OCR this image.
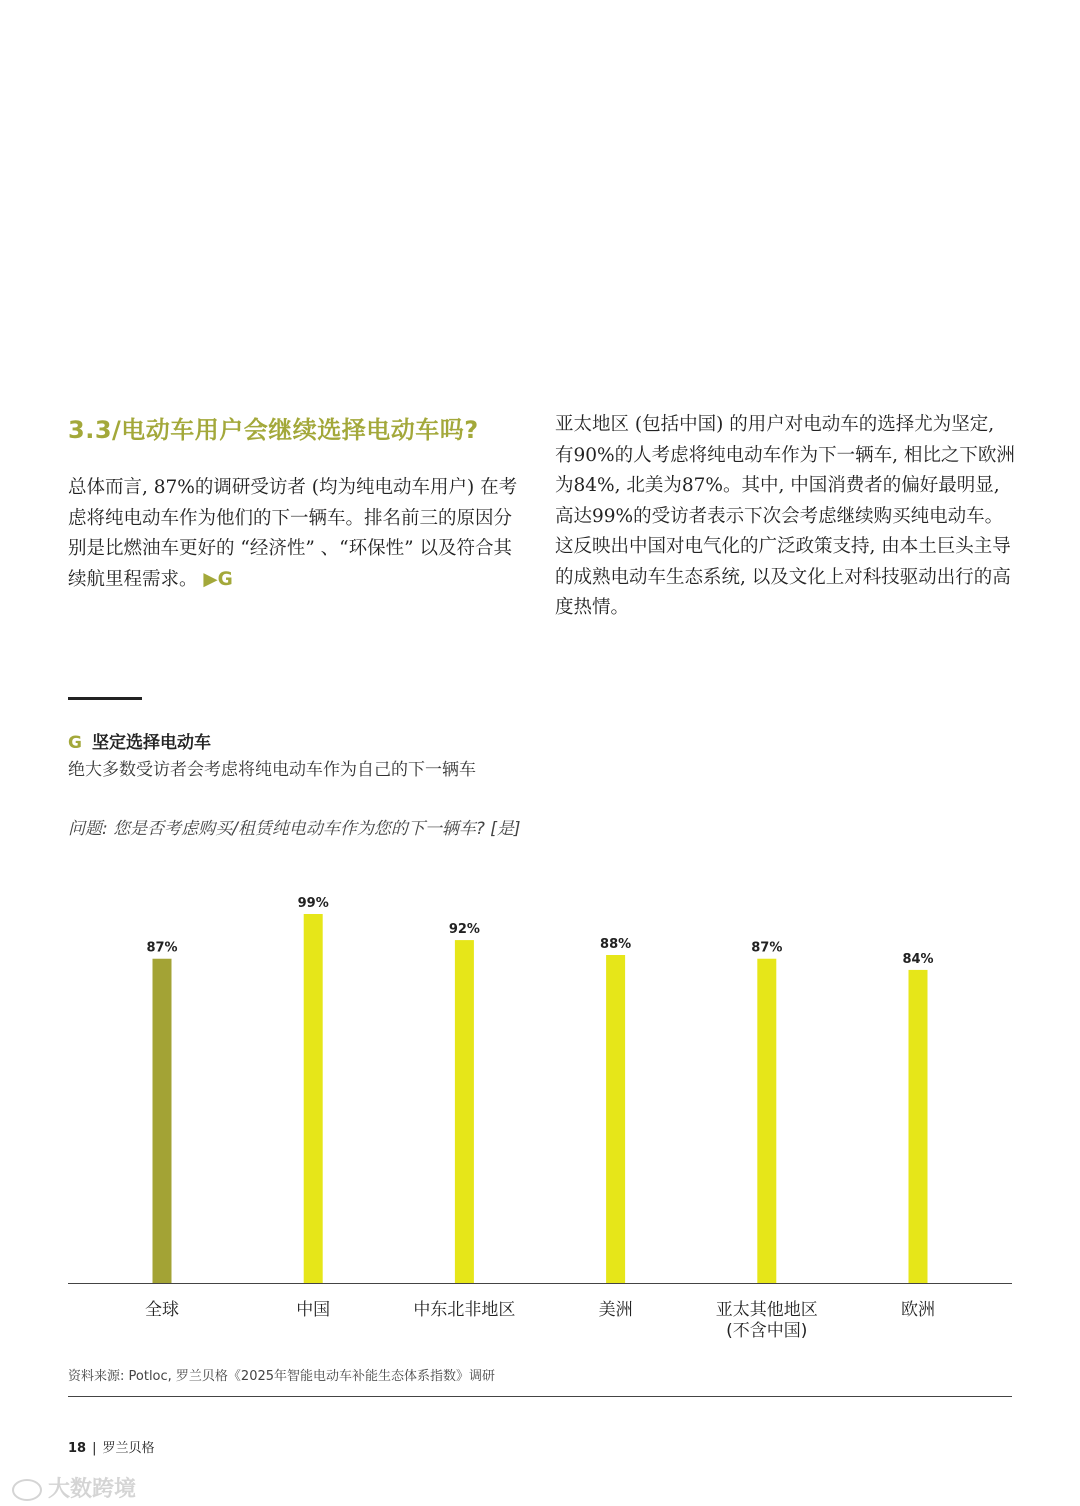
3.3/电动车用户会继续选择电动车吗?
总体而言, 87%的调研受访者 (均为纯电动车用户) 在考虑将纯电动车作为他们的下一辆车。排名前三的原因分别是比燃油车更好的 “经济性” 、“环保性” 以及符合其续航里程需求。 ▶G
亚太地区 (包括中国) 的用户对电动车的选择尤为坚定, 有90%的人考虑将纯电动车作为下一辆车, 相比之下欧洲为84%, 北美为87%。其中, 中国消费者的偏好最明显, 高达99%的受访者表示下次会考虑继续购买纯电动车。这反映出中国对电气化的广泛政策支持, 由本土巨头主导的成熟电动车生态系统, 以及文化上对科技驱动出行的高度热情。
G 坚定选择电动车
绝大多数受访者会考虑将纯电动车作为自己的下一辆车
问题: 您是否考虑购买/租赁纯电动车作为您的下一辆车? [是]
87%
全球
99%
中国
92%
中东北非地区
88%
美洲
87%
亚太其他地区
(不含中国)
84%
欧洲
资料来源: Potloc, 罗兰贝格《2025年智能电动车补能生态体系指数》调研
18 | 罗兰贝格
大数跨境
